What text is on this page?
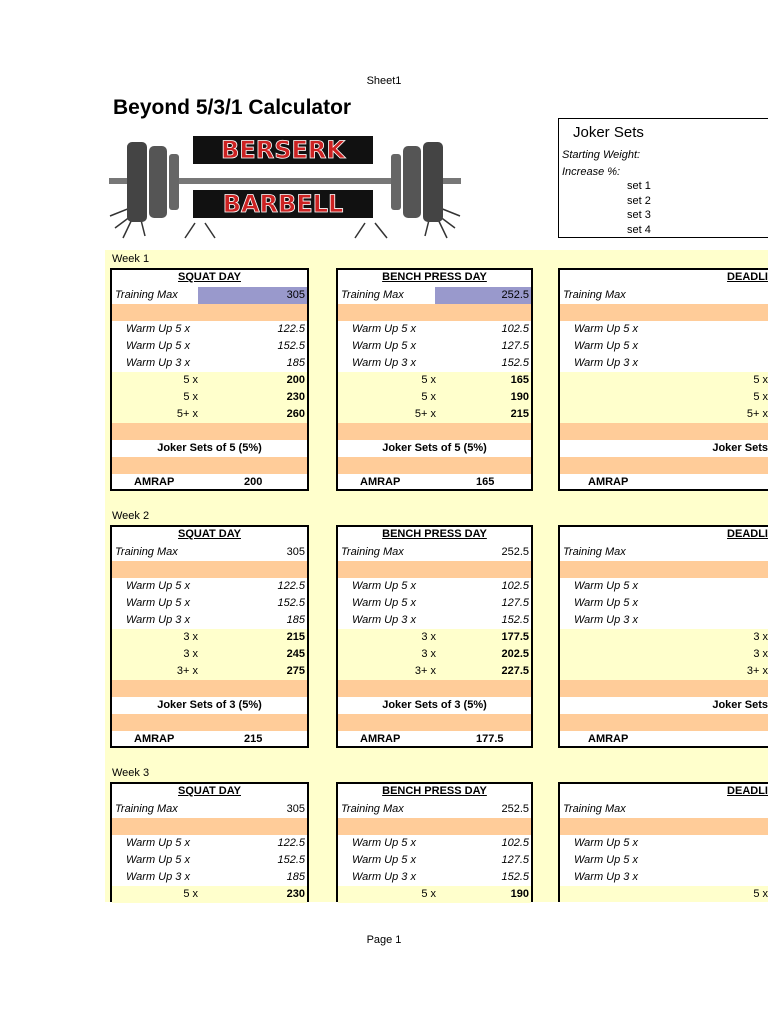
Sheet1
Beyond 5/3/1 Calculator
BERSERK
BARBELL
Joker Sets
Starting Weight:
Increase %:
set 1
set 2
set 3
set 4
Week 1
SQUAT DAY
Training Max	305
Warm Up 5 x	122.5
Warm Up 5 x	152.5
Warm Up 3 x	185
5 x	200
5 x	230
5+ x	260
Joker Sets of 5 (5%)
AMRAP	200
BENCH PRESS DAY
Training Max	252.5
Warm Up 5 x	102.5
Warm Up 5 x	127.5
Warm Up 3 x	152.5
5 x	165
5 x	190
5+ x	215
Joker Sets of 5 (5%)
AMRAP	165
DEADLI
Training Max
Warm Up 5 x
Warm Up 5 x
Warm Up 3 x
5 x
5 x
5+ x
Joker Sets
AMRAP
Week 2
SQUAT DAY
Training Max	305
Warm Up 5 x	122.5
Warm Up 5 x	152.5
Warm Up 3 x	185
3 x	215
3 x	245
3+ x	275
Joker Sets of 3 (5%)
AMRAP	215
BENCH PRESS DAY
Training Max	252.5
Warm Up 5 x	102.5
Warm Up 5 x	127.5
Warm Up 3 x	152.5
3 x	177.5
3 x	202.5
3+ x	227.5
Joker Sets of 3 (5%)
AMRAP	177.5
DEADLI
Training Max
Warm Up 5 x
Warm Up 5 x
Warm Up 3 x
3 x
3 x
3+ x
Joker Sets
AMRAP
Week 3
SQUAT DAY
Training Max	305
Warm Up 5 x	122.5
Warm Up 5 x	152.5
Warm Up 3 x	185
5 x	230
BENCH PRESS DAY
Training Max	252.5
Warm Up 5 x	102.5
Warm Up 5 x	127.5
Warm Up 3 x	152.5
5 x	190
DEADLI
Training Max
Warm Up 5 x
Warm Up 5 x
Warm Up 3 x
5 x
Page 1
